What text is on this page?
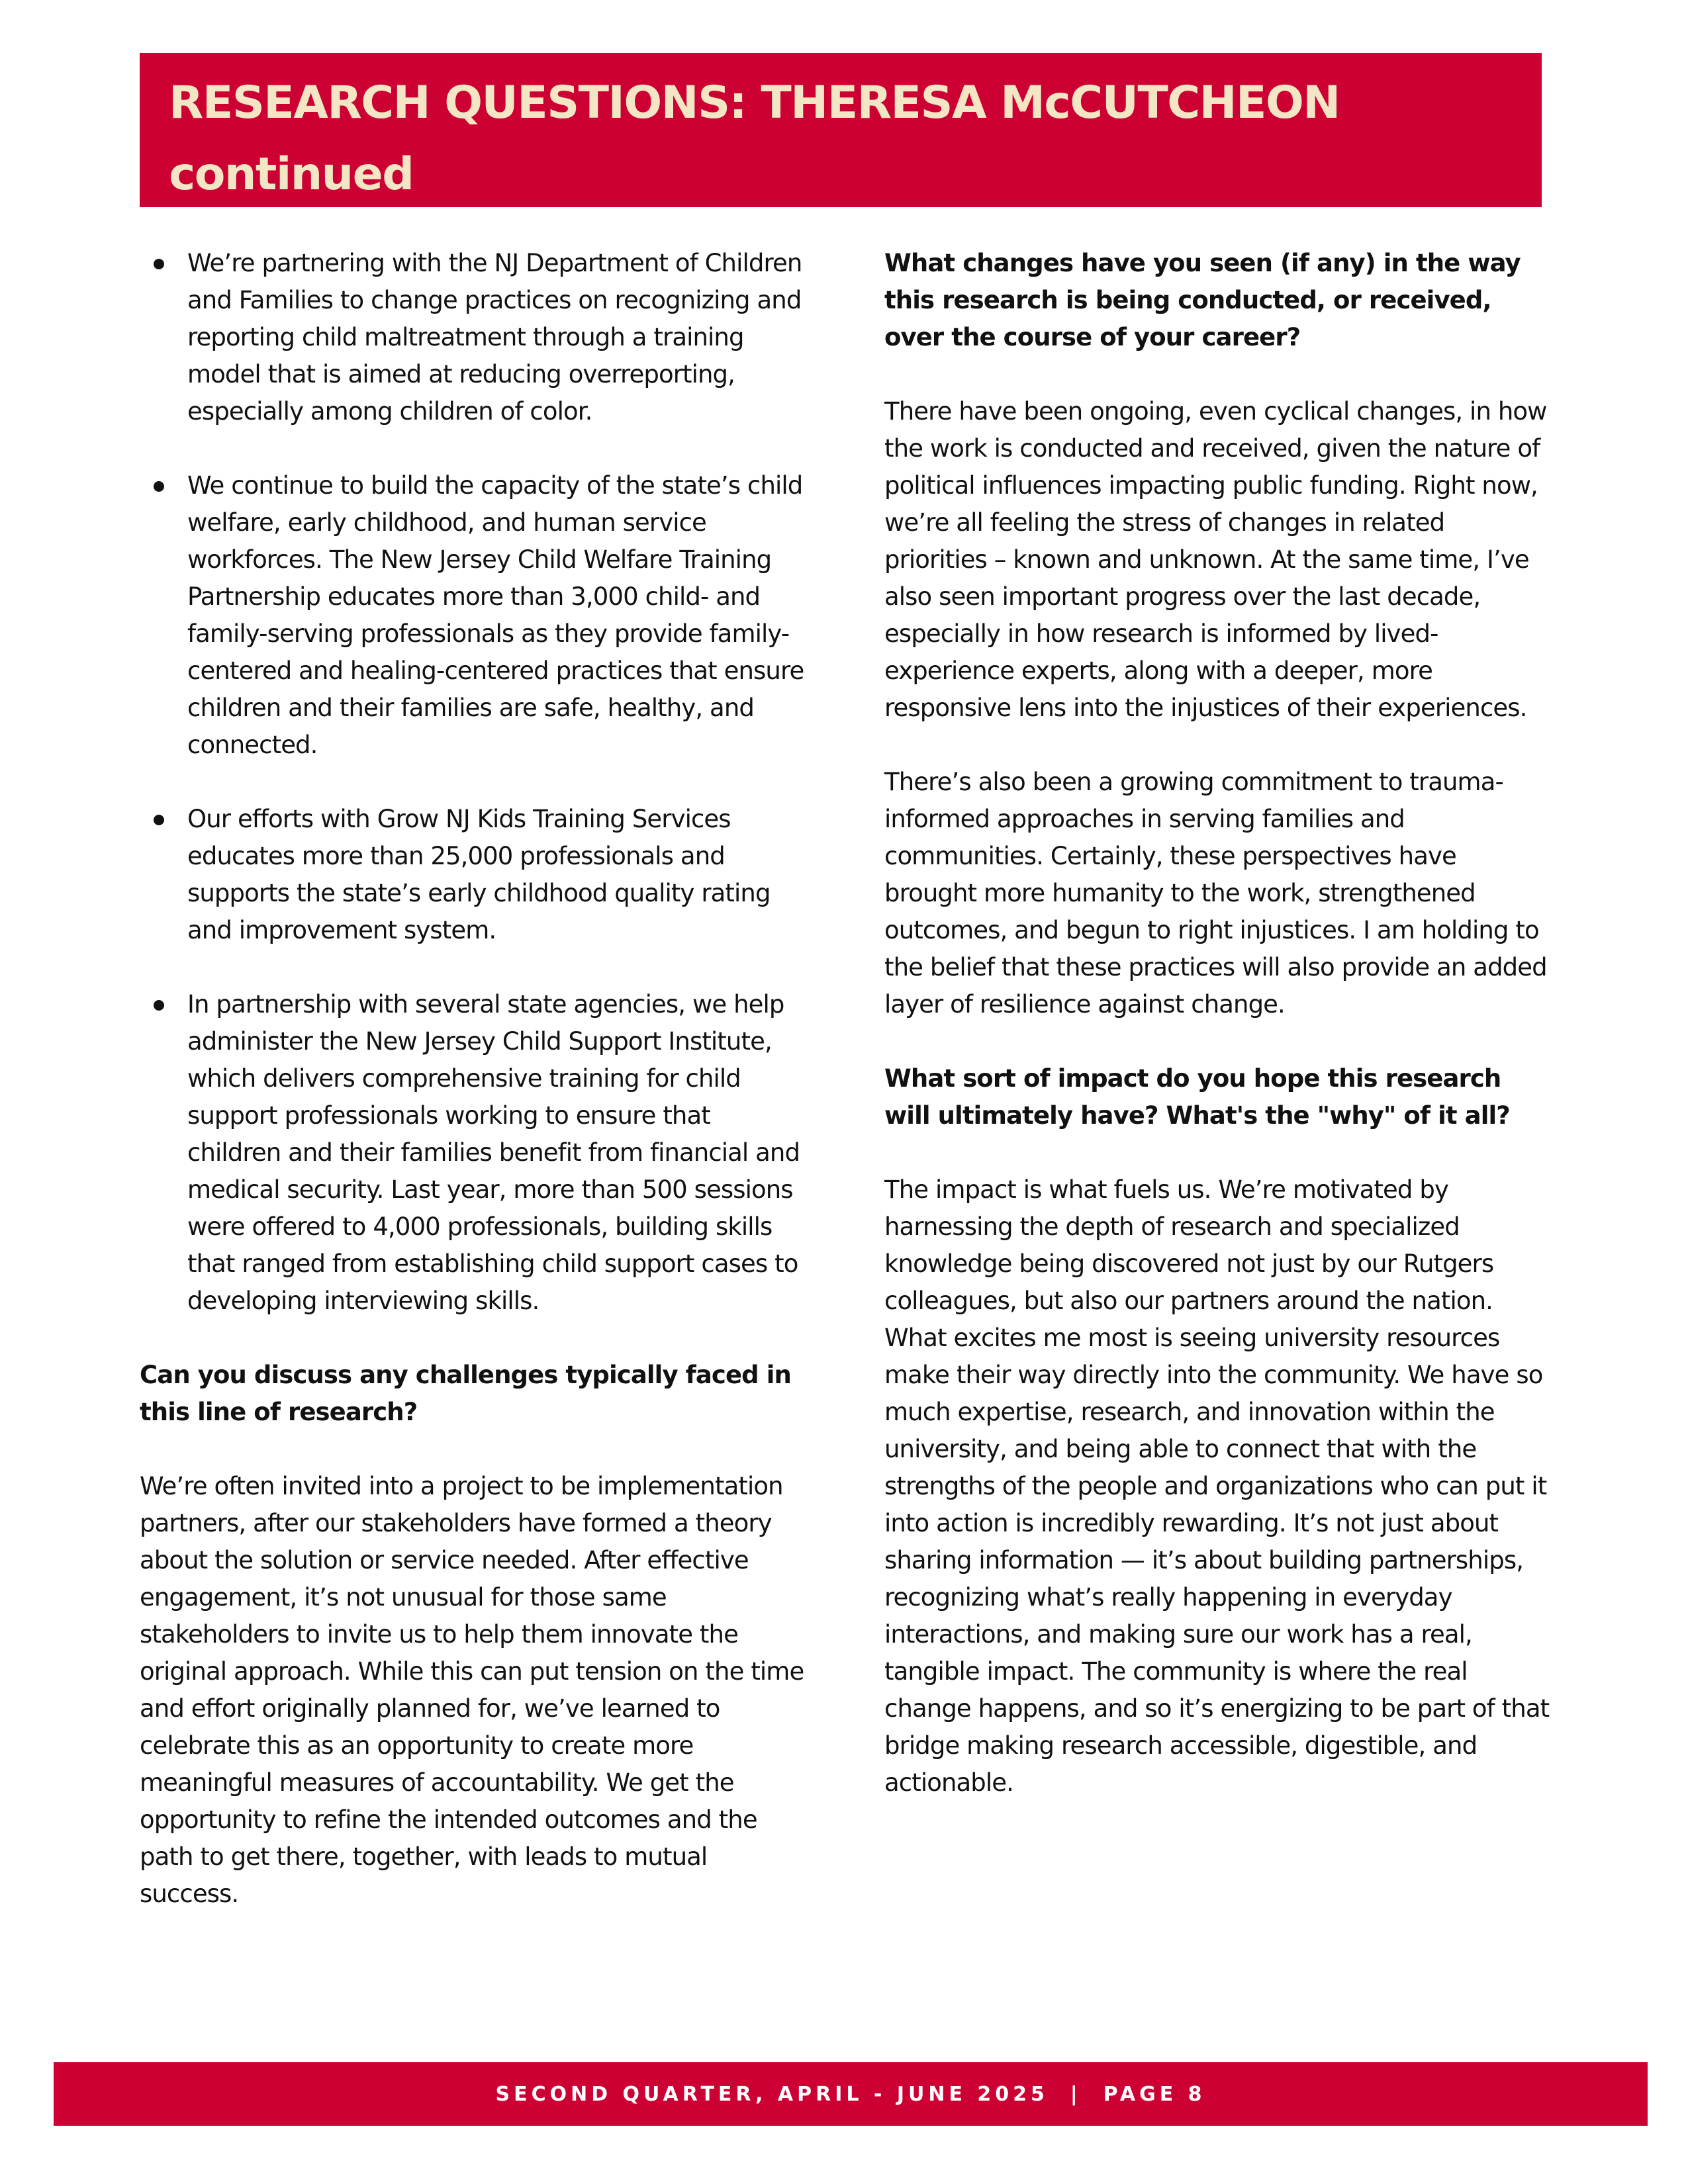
RESEARCH QUESTIONS: THERESA McCUTCHEON
continued
We’re partnering with the NJ Department of Children and Families to change practices on recognizing and reporting child maltreatment through a training model that is aimed at reducing overreporting, especially among children of color.
We continue to build the capacity of the state’s child welfare, early childhood, and human service workforces. The New Jersey Child Welfare Training Partnership educates more than 3,000 child- and family-serving professionals as they provide family-centered and healing-centered practices that ensure children and their families are safe, healthy, and connected.
Our efforts with Grow NJ Kids Training Services educates more than 25,000 professionals and supports the state’s early childhood quality rating and improvement system.
In partnership with several state agencies, we help administer the New Jersey Child Support Institute, which delivers comprehensive training for child support professionals working to ensure that children and their families benefit from financial and medical security. Last year, more than 500 sessions were offered to 4,000 professionals, building skills that ranged from establishing child support cases to developing interviewing skills.

Can you discuss any challenges typically faced in this line of research?

We’re often invited into a project to be implementation partners, after our stakeholders have formed a theory about the solution or service needed. After effective engagement, it’s not unusual for those same stakeholders to invite us to help them innovate the original approach. While this can put tension on the time and effort originally planned for, we’ve learned to celebrate this as an opportunity to create more meaningful measures of accountability. We get the opportunity to refine the intended outcomes and the path to get there, together, with leads to mutual success.

What changes have you seen (if any) in the way this research is being conducted, or received, over the course of your career?

There have been ongoing, even cyclical changes, in how the work is conducted and received, given the nature of political influences impacting public funding. Right now, we’re all feeling the stress of changes in related priorities – known and unknown. At the same time, I’ve also seen important progress over the last decade, especially in how research is informed by lived-experience experts, along with a deeper, more responsive lens into the injustices of their experiences.

There’s also been a growing commitment to trauma-informed approaches in serving families and communities. Certainly, these perspectives have brought more humanity to the work, strengthened outcomes, and begun to right injustices. I am holding to the belief that these practices will also provide an added layer of resilience against change.

What sort of impact do you hope this research will ultimately have? What's the "why" of it all?

The impact is what fuels us. We’re motivated by harnessing the depth of research and specialized knowledge being discovered not just by our Rutgers colleagues, but also our partners around the nation. What excites me most is seeing university resources make their way directly into the community. We have so much expertise, research, and innovation within the university, and being able to connect that with the strengths of the people and organizations who can put it into action is incredibly rewarding. It’s not just about sharing information — it’s about building partnerships, recognizing what’s really happening in everyday interactions, and making sure our work has a real, tangible impact. The community is where the real change happens, and so it’s energizing to be part of that bridge making research accessible, digestible, and actionable.

SECOND QUARTER, APRIL - JUNE 2025  |  PAGE 8
